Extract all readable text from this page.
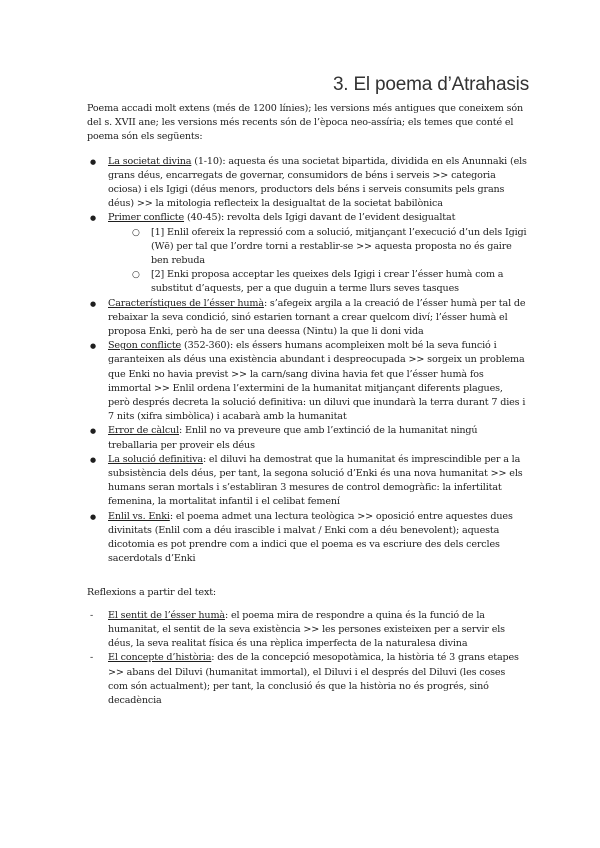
3. El poema d’Atrahasis

Poema accadi molt extens (més de 1200 línies); les versions més antigues que coneixem són del s. XVII ane; les versions més recents són de l’època neo-assíria; els temes que conté el poema són els següents:

● La societat divina (1-10): aquesta és una societat bipartida, dividida en els Anunnaki (els grans déus, encarregats de governar, consumidors de béns i serveis >> categoria ociosa) i els Igigi (déus menors, productors dels béns i serveis consumits pels grans déus) >> la mitologia reflecteix la desigualtat de la societat babilònica
● Primer conflicte (40-45): revolta dels Igigi davant de l’evident desigualtat
○ [1] Enlil ofereix la repressió com a solució, mitjançant l’execució d’un dels Igigi (Wē) per tal que l’ordre torni a restablir-se >> aquesta proposta no és gaire ben rebuda
○ [2] Enki proposa acceptar les queixes dels Igigi i crear l’ésser humà com a substitut d’aquests, per a que duguin a terme llurs seves tasques
● Característiques de l’ésser humà: s’afegeix argila a la creació de l’ésser humà per tal de rebaixar la seva condició, sinó estarien tornant a crear quelcom diví; l’ésser humà el proposa Enki, però ha de ser una deessa (Nintu) la que li doni vida
● Segon conflicte (352-360): els éssers humans acompleixen molt bé la seva funció i garanteixen als déus una existència abundant i despreocupada >> sorgeix un problema que Enki no havia previst >> la carn/sang divina havia fet que l’ésser humà fos immortal >> Enlil ordena l’extermini de la humanitat mitjançant diferents plagues, però després decreta la solució definitiva: un diluvi que inundarà la terra durant 7 dies i 7 nits (xifra simbòlica) i acabarà amb la humanitat
● Error de càlcul: Enlil no va preveure que amb l’extinció de la humanitat ningú treballaria per proveir els déus
● La solució definitiva: el diluvi ha demostrat que la humanitat és imprescindible per a la subsistència dels déus, per tant, la segona solució d’Enki és una nova humanitat >> els humans seran mortals i s’establiran 3 mesures de control demogràfic: la infertilitat femenina, la mortalitat infantil i el celibat femení
● Enlil vs. Enki: el poema admet una lectura teològica >> oposició entre aquestes dues divinitats (Enlil com a déu irascible i malvat / Enki com a déu benevolent); aquesta dicotomia es pot prendre com a indici que el poema es va escriure des dels cercles sacerdotals d’Enki

Reflexions a partir del text:

- El sentit de l’ésser humà: el poema mira de respondre a quina és la funció de la humanitat, el sentit de la seva existència >> les persones existeixen per a servir els déus, la seva realitat física és una rèplica imperfecta de la naturalesa divina
- El concepte d’història: des de la concepció mesopotàmica, la història té 3 grans etapes >> abans del Diluvi (humanitat immortal), el Diluvi i el després del Diluvi (les coses com són actualment); per tant, la conclusió és que la història no és progrés, sinó decadència
